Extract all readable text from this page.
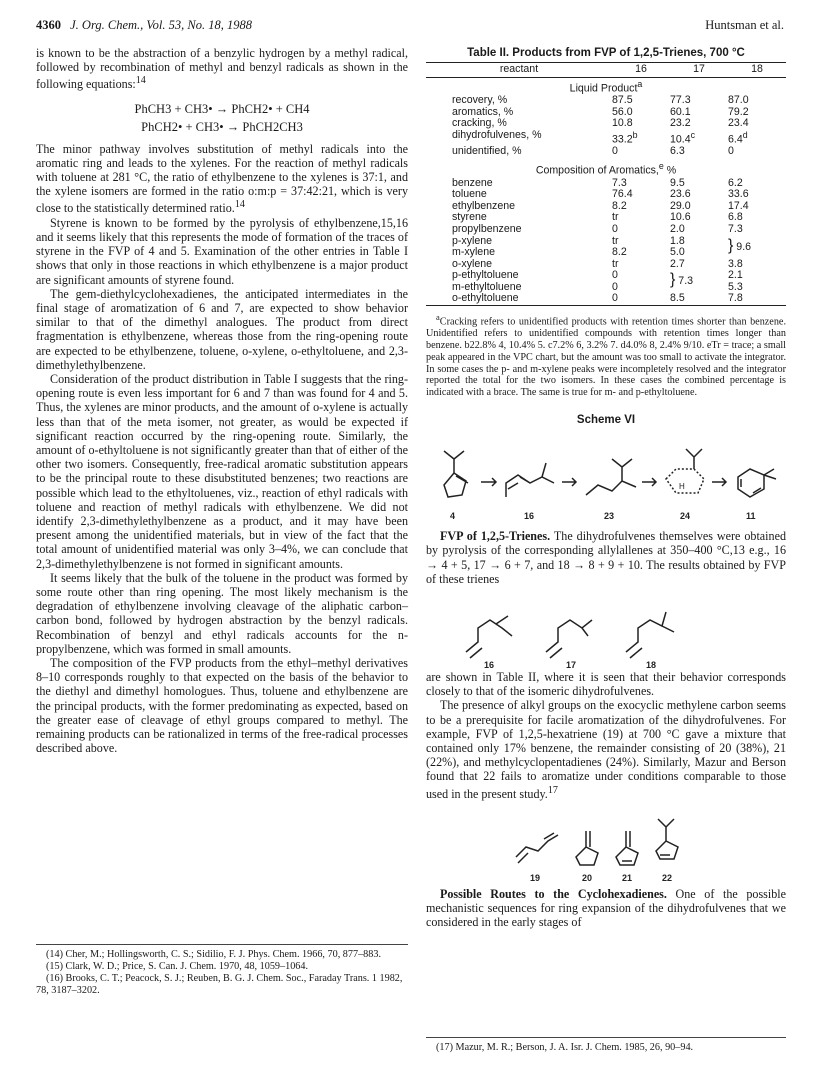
4360 J. Org. Chem., Vol. 53, No. 18, 1988	Huntsman et al.

is known to be the abstraction of a benzylic hydrogen by a methyl radical, followed by recombination of methyl and benzyl radicals as shown in the following equations:$^{14}$

PhCH3 + CH3• → PhCH2• + CH4
PhCH2• + CH3• → PhCH2CH3

The minor pathway involves substitution of methyl radicals into the aromatic ring and leads to the xylenes. For the reaction of methyl radicals with toluene at 281 °C, the ratio of ethylbenzene to the xylenes is 37:1, and the xylene isomers are formed in the ratio o:m:p = 37:42:21, which is very close to the statistically determined ratio.$^{14}$

Styrene is known to be formed by the pyrolysis of ethylbenzene,15,16 and it seems likely that this represents the mode of formation of the traces of styrene in the FVP of 4 and 5. Examination of the other entries in Table I shows that only in those reactions in which ethylbenzene is a major product are significant amounts of styrene found.

The gem-diethylcyclohexadienes, the anticipated intermediates in the final stage of aromatization of 6 and 7, are expected to show behavior similar to that of the dimethyl analogues. The product from direct fragmentation is ethylbenzene, whereas those from the ring-opening route are expected to be ethylbenzene, toluene, o-xylene, o-ethyltoluene, and 2,3-dimethylethylbenzene.

Consideration of the product distribution in Table I suggests that the ring-opening route is even less important for 6 and 7 than was found for 4 and 5. Thus, the xylenes are minor products, and the amount of o-xylene is actually less than that of the meta isomer, not greater, as would be expected if significant reaction occurred by the ring-opening route. Similarly, the amount of o-ethyltoluene is not significantly greater than that of either of the other two isomers. Consequently, free-radical aromatic substitution appears to be the principal route to these disubstituted benzenes; two reactions are possible which lead to the ethyltoluenes, viz., reaction of ethyl radicals with toluene and reaction of methyl radicals with ethylbenzene. We did not identify 2,3-dimethylethylbenzene as a product, and it may have been present among the unidentified materials, but in view of the fact that the total amount of unidentified material was only 3–4%, we can conclude that 2,3-dimethylethylbenzene is not formed in significant amounts.

It seems likely that the bulk of the toluene in the product was formed by some route other than ring opening. The most likely mechanism is the degradation of ethylbenzene involving cleavage of the aliphatic carbon–carbon bond, followed by hydrogen abstraction by the benzyl radicals. Recombination of benzyl and ethyl radicals accounts for the n-propylbenzene, which was formed in small amounts.

The composition of the FVP products from the ethyl–methyl derivatives 8–10 corresponds roughly to that expected on the basis of the behavior to the diethyl and dimethyl homologues. Thus, toluene and ethylbenzene are the principal products, with the former predominating as expected, based on the greater ease of cleavage of ethyl groups compared to methyl. The remaining products can be rationalized in terms of the free-radical processes described above.

(14) Cher, M.; Hollingsworth, C. S.; Sidilio, F. J. Phys. Chem. 1966, 70, 877–883.

(15) Clark, W. D.; Price, S. Can. J. Chem. 1970, 48, 1059–1064.

(16) Brooks, C. T.; Peacock, S. J.; Reuben, B. G. J. Chem. Soc., Faraday Trans. 1 1982, 78, 3187–3202.

Table II. Products from FVP of 1,2,5-Trienes, 700 °C
reactant	16	17	18
Liquid Product$^a$
recovery, %	87.5	77.3	87.0
aromatics, %	56.0	60.1	79.2
cracking, %	10.8	23.2	23.4
dihydrofulvenes, %	33.2$^b$	10.4$^c$	6.4$^d$
unidentified, %	0	6.3	0
Composition of Aromatics,$^e$ %			
benzene	7.3	9.5	6.2
toluene	76.4	23.6	33.6
ethylbenzene	8.2	29.0	17.4
styrene	tr	10.6	6.8
propylbenzene	0	2.0	7.3
p-xylene	tr	1.8	} 9.6
m-xylene	8.2	5.0	
o-xylene	tr	2.7	3.8
p-ethyltoluene	0	} 7.3	2.1
m-ethyltoluene	0		5.3
o-ethyltoluene	0	8.5	7.8

$^a$Cracking refers to unidentified products with retention times shorter than benzene. Unidentified refers to unidentified compounds with retention times longer than benzene. b22.8% 4, 10.4% 5. c7.2% 6, 3.2% 7. d4.0% 8, 2.4% 9/10. eTr = trace; a small peak appeared in the VPC chart, but the amount was too small to activate the integrator. In some cases the p- and m-xylene peaks were incompletely resolved and the integrator reported the total for the two isomers. In these cases the combined percentage is indicated with a brace. The same is true for m- and p-ethyltoluene.

Scheme VI
H
4	16	23	24	11

FVP of 1,2,5-Trienes. The dihydrofulvenes themselves were obtained by pyrolysis of the corresponding allylallenes at 350–400 °C,13 e.g., 16 → 4 + 5, 17 → 6 + 7, and 18 → 8 + 9 + 10. The results obtained by FVP of these trienes

16	17	18

are shown in Table II, where it is seen that their behavior corresponds closely to that of the isomeric dihydrofulvenes.

The presence of alkyl groups on the exocyclic methylene carbon seems to be a prerequisite for facile aromatization of the dihydrofulvenes. For example, FVP of 1,2,5-hexatriene (19) at 700 °C gave a mixture that contained only 17% benzene, the remainder consisting of 20 (38%), 21 (22%), and methylcyclopentadienes (24%). Similarly, Mazur and Berson found that 22 fails to aromatize under conditions comparable to those used in the present study.$^{17}$

19	20	21	22

Possible Routes to the Cyclohexadienes. One of the possible mechanistic sequences for ring expansion of the dihydrofulvenes that we considered in the early stages of

(17) Mazur, M. R.; Berson, J. A. Isr. J. Chem. 1985, 26, 90–94.
